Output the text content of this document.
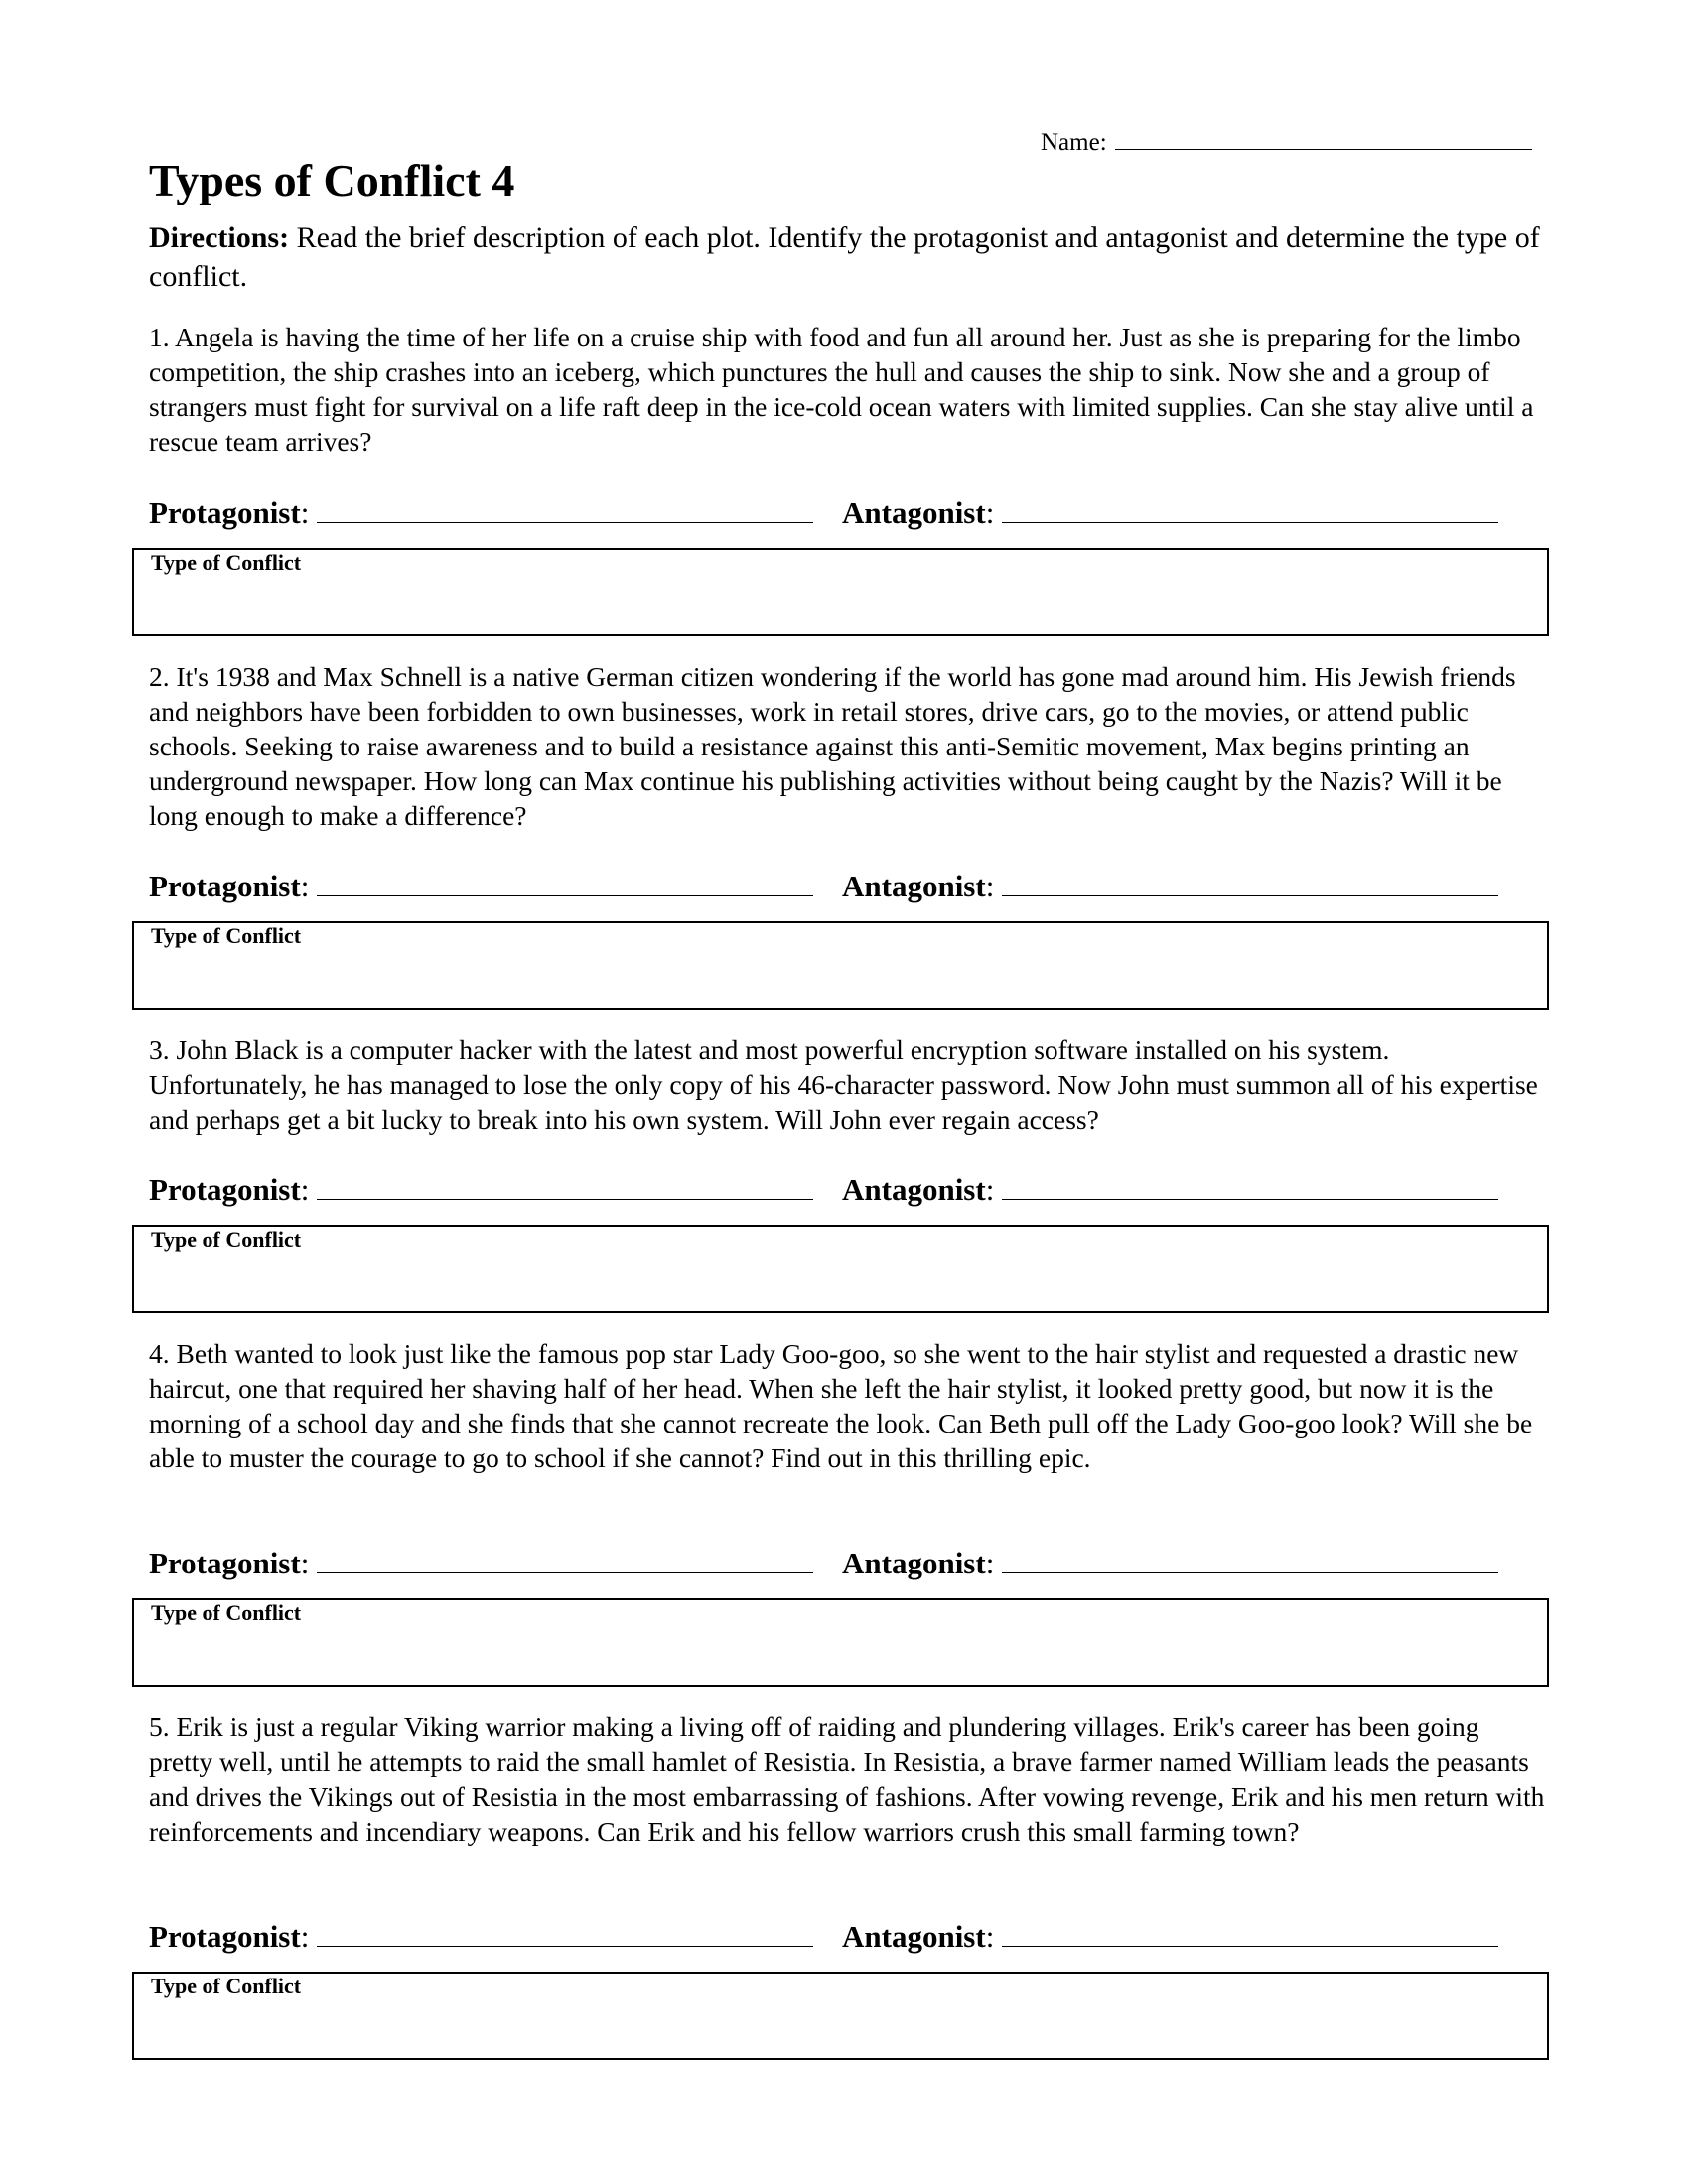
Name:
Types of Conflict 4

Directions: Read the brief description of each plot. Identify the protagonist and antagonist and determine the type of conflict.

1. Angela is having the time of her life on a cruise ship with food and fun all around her. Just as she is preparing for the limbo competition, the ship crashes into an iceberg, which punctures the hull and causes the ship to sink. Now she and a group of strangers must fight for survival on a life raft deep in the ice-cold ocean waters with limited supplies. Can she stay alive until a rescue team arrives?

Protagonist:	Antagonist:
Type of Conflict

2. It's 1938 and Max Schnell is a native German citizen wondering if the world has gone mad around him. His Jewish friends and neighbors have been forbidden to own businesses, work in retail stores, drive cars, go to the movies, or attend public schools. Seeking to raise awareness and to build a resistance against this anti-Semitic movement, Max begins printing an underground newspaper. How long can Max continue his publishing activities without being caught by the Nazis? Will it be long enough to make a difference?

Protagonist:	Antagonist:
Type of Conflict

3. John Black is a computer hacker with the latest and most powerful encryption software installed on his system. Unfortunately, he has managed to lose the only copy of his 46-character password. Now John must summon all of his expertise and perhaps get a bit lucky to break into his own system. Will John ever regain access?

Protagonist:	Antagonist:
Type of Conflict

4. Beth wanted to look just like the famous pop star Lady Goo-goo, so she went to the hair stylist and requested a drastic new haircut, one that required her shaving half of her head. When she left the hair stylist, it looked pretty good, but now it is the morning of a school day and she finds that she cannot recreate the look. Can Beth pull off the Lady Goo-goo look? Will she be able to muster the courage to go to school if she cannot? Find out in this thrilling epic.

Protagonist:	Antagonist:
Type of Conflict

5. Erik is just a regular Viking warrior making a living off of raiding and plundering villages. Erik's career has been going pretty well, until he attempts to raid the small hamlet of Resistia. In Resistia, a brave farmer named William leads the peasants and drives the Vikings out of Resistia in the most embarrassing of fashions. After vowing revenge, Erik and his men return with reinforcements and incendiary weapons. Can Erik and his fellow warriors crush this small farming town?

Protagonist:	Antagonist:
Type of Conflict
